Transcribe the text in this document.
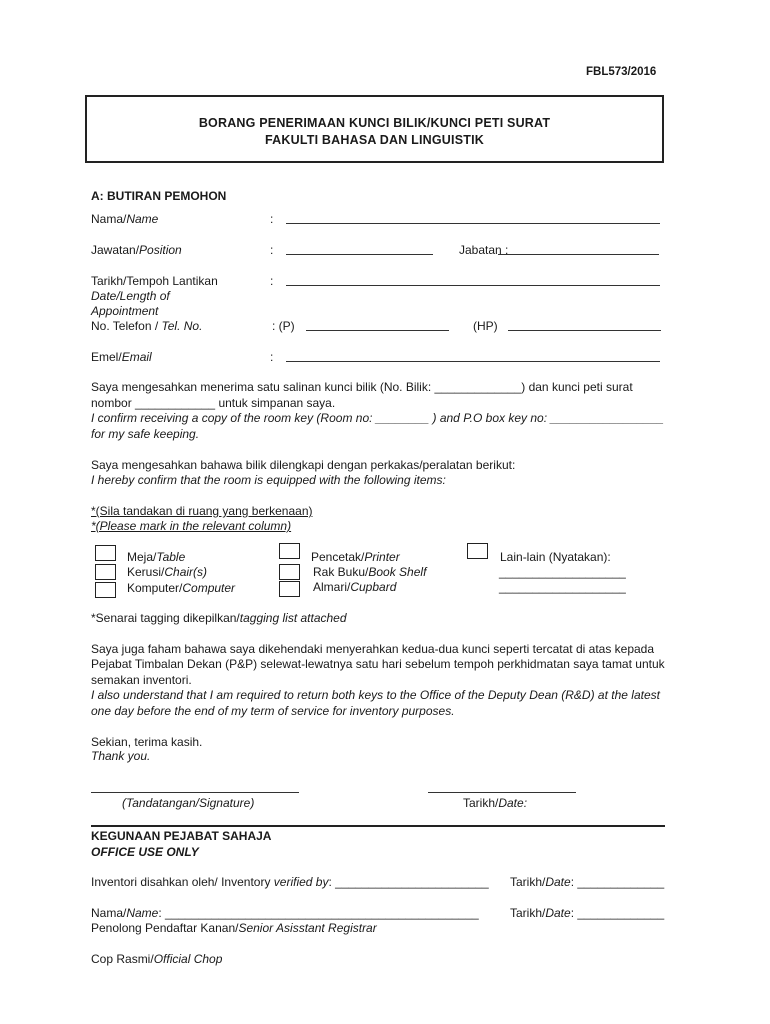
FBL573/2016
BORANG PENERIMAAN KUNCI BILIK/KUNCI PETI SURAT
FAKULTI BAHASA DAN LINGUISTIK
A: BUTIRAN PEMOHON
Nama/Name	:
Jawatan/Position	:	Jabatan :
Tarikh/Tempoh Lantikan	:
Date/Length of
Appointment
No. Telefon / Tel. No.	: (P)	(HP)
Emel/Email	:
Saya mengesahkan menerima satu salinan kunci bilik (No. Bilik: _____________) dan kunci peti surat
nombor ____________ untuk simpanan saya.
I confirm receiving a copy of the room key (Room no: ________ ) and P.O box key no: _________________
for my safe keeping.
Saya mengesahkan bahawa bilik dilengkapi dengan perkakas/peralatan berikut:
I hereby confirm that the room is equipped with the following items:
*(Sila tandakan di ruang yang berkenaan)
*(Please mark in the relevant column)
Meja/Table
Kerusi/Chair(s)
Komputer/Computer
Pencetak/Printer
Rak Buku/Book Shelf
Almari/Cupbard
Lain-lain (Nyatakan):
___________________
___________________
*Senarai tagging dikepilkan/tagging list attached
Saya juga faham bahawa saya dikehendaki menyerahkan kedua-dua kunci seperti tercatat di atas kepada
Pejabat Timbalan Dekan (P&P) selewat-lewatnya satu hari sebelum tempoh perkhidmatan saya tamat untuk
semakan inventori.
I also understand that I am required to return both keys to the Office of the Deputy Dean (R&D) at the latest
one day before the end of my term of service for inventory purposes.
Sekian, terima kasih.
Thank you.
(Tandatangan/Signature)	Tarikh/Date:
KEGUNAAN PEJABAT SAHAJA
OFFICE USE ONLY
Inventori disahkan oleh/ Inventory verified by: _______________________ Tarikh/Date: _____________
Nama/Name: _______________________________________________	Tarikh/Date: _____________
Penolong Pendaftar Kanan/Senior Asisstant Registrar
Cop Rasmi/Official Chop
